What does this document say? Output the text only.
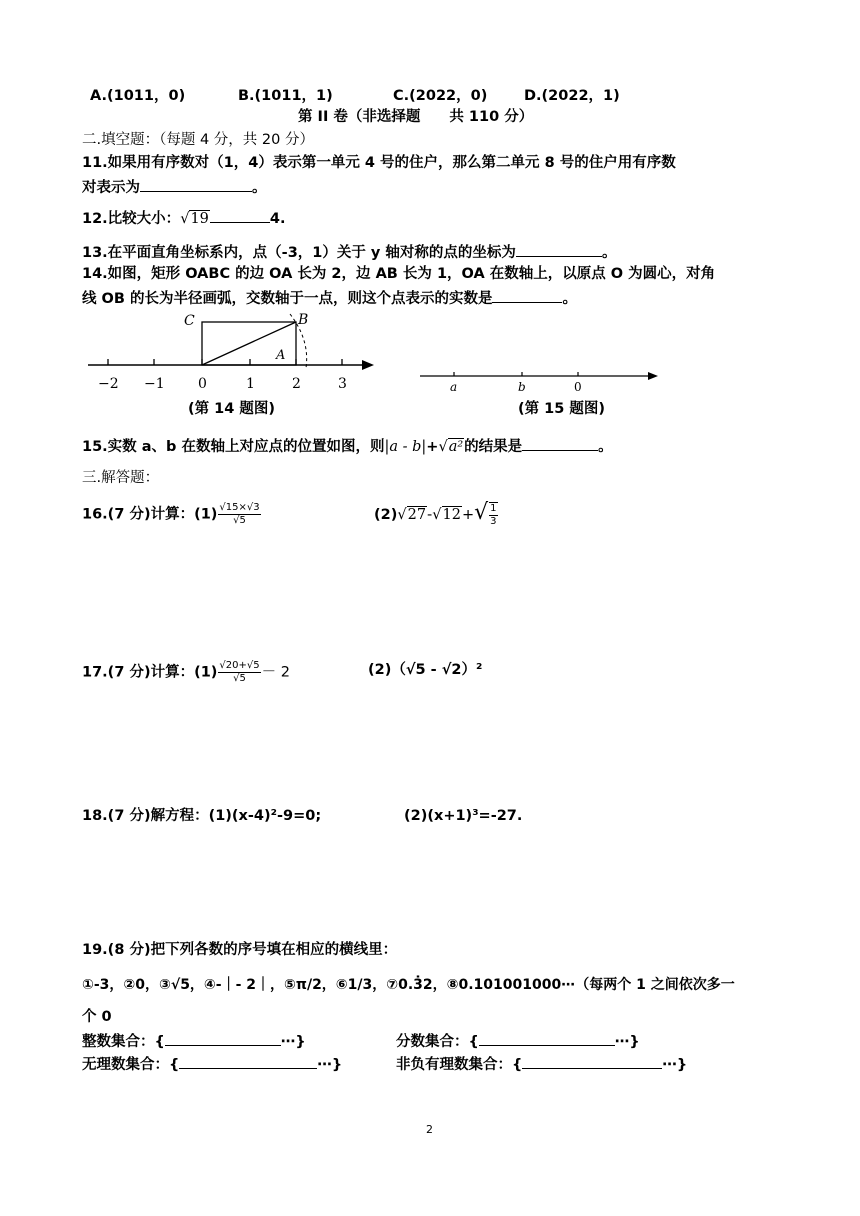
A.(1011，0)	B.(1011，1)	C.(2022，0)	D.(2022，1)
第 II 卷（非选择题　　共 110 分）
二.填空题：（每题 4 分，共 20 分）
11.如果用有序数对（1，4）表示第一单元 4 号的住户，那么第二单元 8 号的住户用有序数
对表示为	。
12.比较大小：√19	4.
13.在平面直角坐标系内，点（-3，1）关于 y 轴对称的点的坐标为	。
14.如图，矩形 OABC 的边 OA 长为 2，边 AB 长为 1，OA 在数轴上，以原点 O 为圆心，对角
线 OB 的长为半径画弧，交数轴于一点，则这个点表示的实数是	。
C	B
A
−2 −1 0	1	2	3
(第 14 题图)
a	b	0
(第 15 题图)
15.实数 a、b 在数轴上对应点的位置如图，则|a - b|+√a²的结果是	。
三.解答题：
16.(7 分)计算：$(1) \frac{√15\times√3}{√5}$	$(2)√27-√12+√ \frac{1}{3}$
17.(7 分)计算：$(1) \frac{√20+√5}{√5} - 2$	(2)（√5 - √2）²
18.(7 分)解方程：(1)(x-4)²-9=0;	(2)(x+1)³=-27.
19.(8 分)把下列各数的序号填在相应的横线里：
①-3，②0，③√5，④-｜- 2｜，⑤π/2，⑥1/3，⑦0.3̇2，⑧0.101001000⋯（每两个 1 之间依次多一
个 0
整数集合：{	⋯}	分数集合：{	⋯}
无理数集合：{	⋯}	非负有理数集合：{	⋯}
2
